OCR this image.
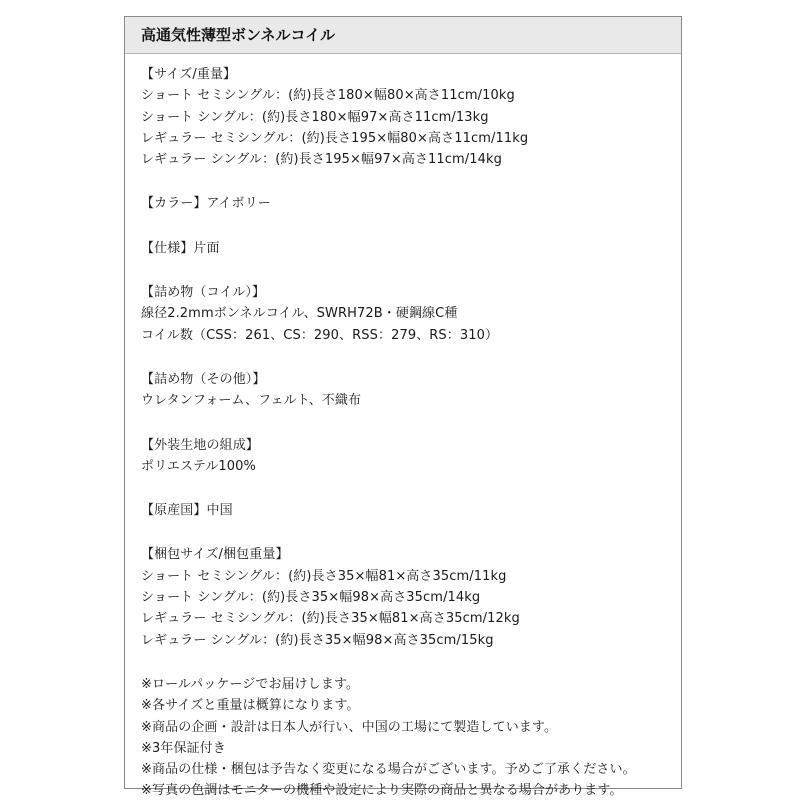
高通気性薄型ボンネルコイル
【サイズ/重量】
ショート セミシングル：(約)長さ180×幅80×高さ11cm/10kg
ショート シングル：(約)長さ180×幅97×高さ11cm/13kg
レギュラー セミシングル：(約)長さ195×幅80×高さ11cm/11kg
レギュラー シングル：(約)長さ195×幅97×高さ11cm/14kg
【カラー】アイボリー
【仕様】片面
【詰め物（コイル）】
線径2.2mmボンネルコイル、SWRH72B・硬鋼線C種
コイル数（CSS：261、CS：290、RSS：279、RS：310）
【詰め物（その他）】
ウレタンフォーム、フェルト、不織布
【外装生地の組成】
ポリエステル100%
【原産国】中国
【梱包サイズ/梱包重量】
ショート セミシングル：(約)長さ35×幅81×高さ35cm/11kg
ショート シングル：(約)長さ35×幅98×高さ35cm/14kg
レギュラー セミシングル：(約)長さ35×幅81×高さ35cm/12kg
レギュラー シングル：(約)長さ35×幅98×高さ35cm/15kg
※ロールパッケージでお届けします。
※各サイズと重量は概算になります。
※商品の企画・設計は日本人が行い、中国の工場にて製造しています。
※3年保証付き
※商品の仕様・梱包は予告なく変更になる場合がございます。予めご了承ください。
※写真の色調はモニターの機種や設定により実際の商品と異なる場合があります。
